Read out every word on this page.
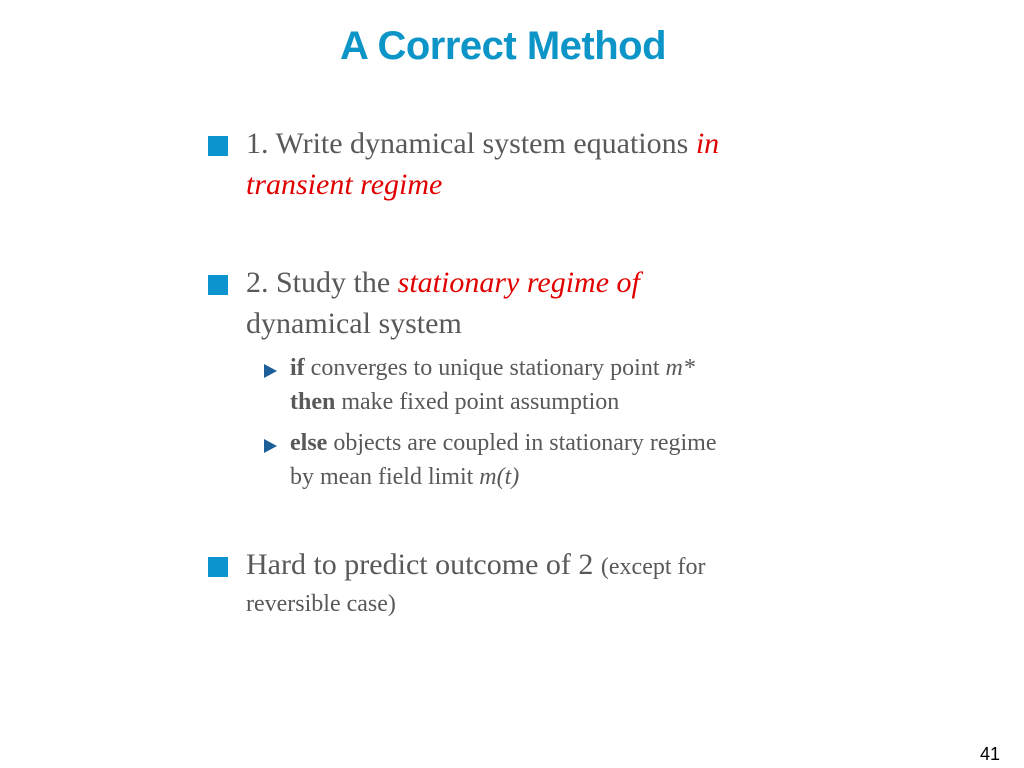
A Correct Method
1. Write dynamical system equations in
transient regime
2. Study the stationary regime of
dynamical system
if converges to unique stationary point m*
then make fixed point assumption
else objects are coupled in stationary regime
by mean field limit m(t)
Hard to predict outcome of 2 (except for
reversible case)
41
